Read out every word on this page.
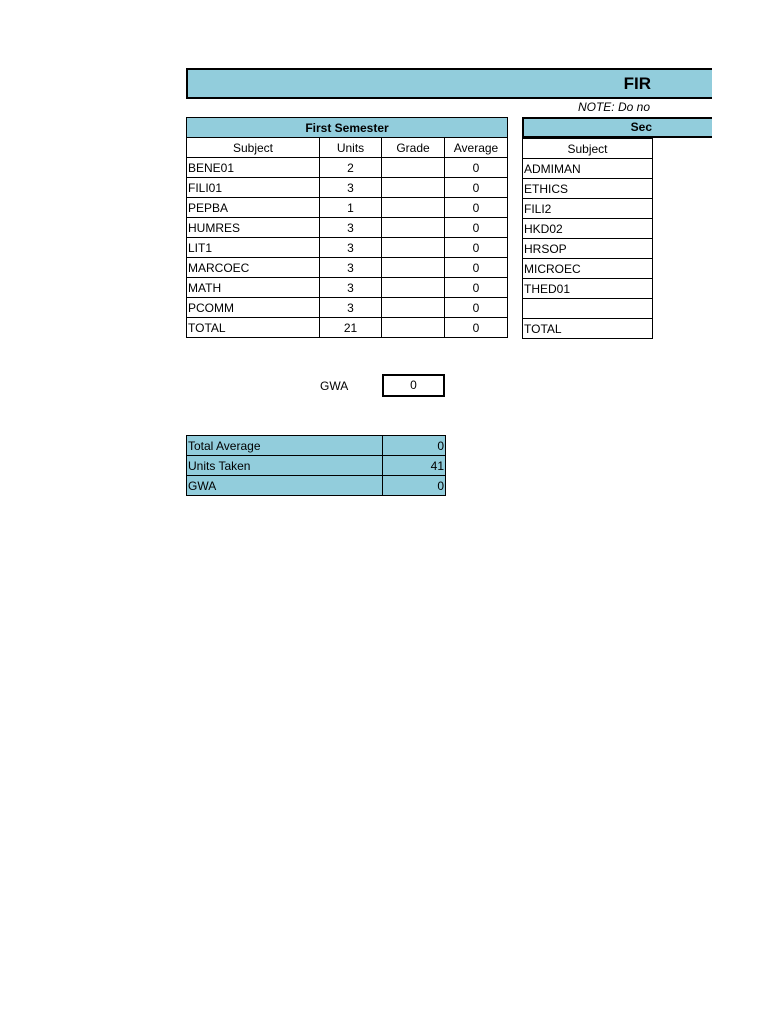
FIR
NOTE: Do no
First Semester			
Subject	Units	Grade	Average
BENE01	2		0
FILI01	3		0
PEPBA	1		0
HUMRES	3		0
LIT1	3		0
MARCOEC	3		0
MATH	3		0
PCOMM	3		0
TOTAL	21		0
Sec
Subject
ADMIMAN
ETHICS
FILI2
HKD02
HRSOP
MICROEC
THED01

TOTAL
GWA	0
Total Average	0
Units Taken	41
GWA	0
